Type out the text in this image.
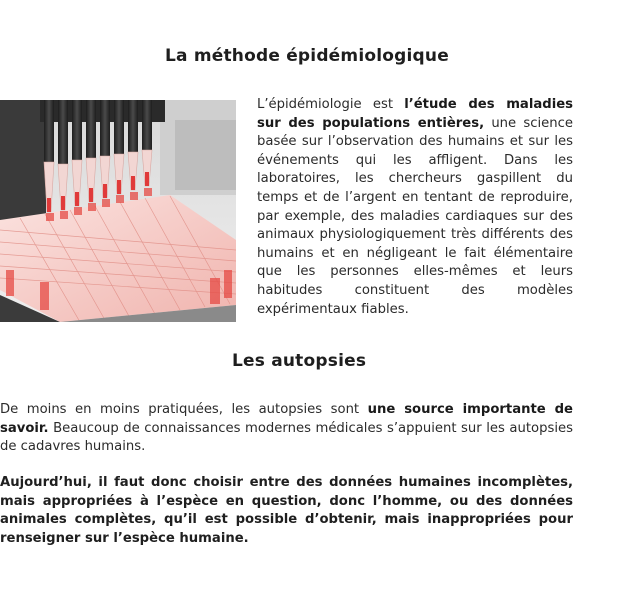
La méthode épidémiologique
L’épidémiologie est l’étude des maladies sur des populations entières, une science basée sur l’observation des humains et sur les événements qui les affligent. Dans les laboratoires, les chercheurs gaspillent du temps et de l’argent en tentant de reproduire, par exemple, des maladies cardiaques sur des animaux physiologiquement très différents des humains et en négligeant le fait élémentaire que les personnes elles-mêmes et leurs habitudes constituent des modèles expérimentaux fiables.
Les autopsies
De moins en moins pratiquées, les autopsies sont une source importante de savoir. Beaucoup de connaissances modernes médicales s’appuient sur les autopsies de cadavres humains.
Aujourd’hui, il faut donc choisir entre des données humaines incomplètes, mais appropriées à l’espèce en question, donc l’homme, ou des données animales complètes, qu’il est possible d’obtenir, mais inappropriées pour renseigner sur l’espèce humaine.
